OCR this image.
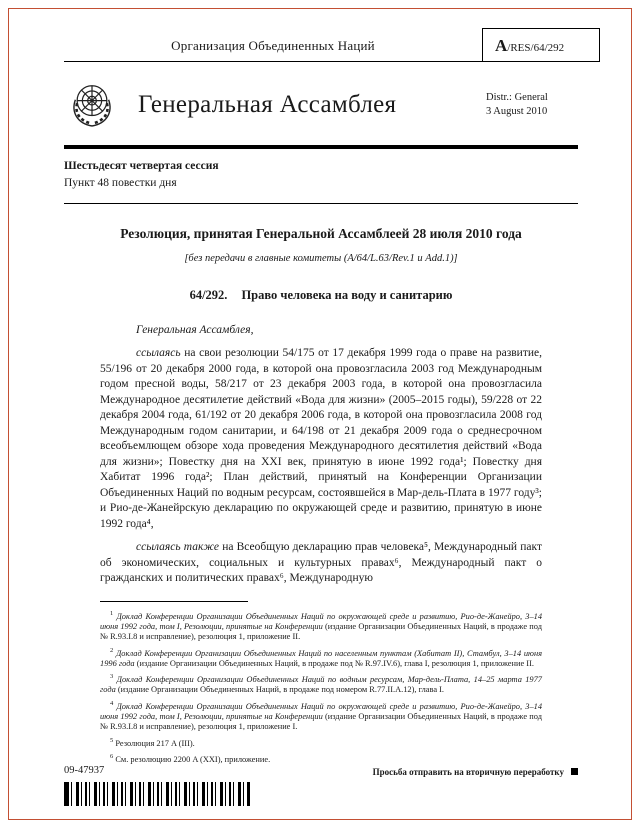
Организация Объединенных Наций	A/RES/64/292
Генеральная Ассамблея	Distr.: General
3 August 2010
Шестьдесят четвертая сессия
Пункт 48 повестки дня
Резолюция, принятая Генеральной Ассамблеей 28 июля 2010 года
[без передачи в главные комитеты (A/64/L.63/Rev.1 и Add.1)]
64/292. Право человека на воду и санитарию

Генеральная Ассамблея,

ссылаясь на свои резолюции 54/175 от 17 декабря 1999 года о праве на развитие, 55/196 от 20 декабря 2000 года, в которой она провозгласила 2003 год Международным годом пресной воды, 58/217 от 23 декабря 2003 года, в которой она провозгласила Международное десятилетие действий «Вода для жизни» (2005–2015 годы), 59/228 от 22 декабря 2004 года, 61/192 от 20 декабря 2006 года, в которой она провозгласила 2008 год Международным годом санитарии, и 64/198 от 21 декабря 2009 года о среднесрочном всеобъемлющем обзоре хода проведения Международного десятилетия действий «Вода для жизни»; Повестку дня на XXI век, принятую в июне 1992 года¹; Повестку дня Хабитат 1996 года²; План действий, принятый на Конференции Организации Объединенных Наций по водным ресурсам, состоявшейся в Мар-дель-Плата в 1977 году³; и Рио-де-Жанейрскую декларацию по окружающей среде и развитию, принятую в июне 1992 года⁴,

ссылаясь также на Всеобщую декларацию прав человека⁵, Международный пакт об экономических, социальных и культурных правах⁶, Международный пакт о гражданских и политических правах⁶, Международную

$^1$ Доклад Конференции Организации Объединенных Наций по окружающей среде и развитию, Рио-де-Жанейро, 3–14 июня 1992 года, том I, Резолюции, принятые на Конференции (издание Организации Объединенных Наций, в продаже под № R.93.I.8 и исправление), резолюция 1, приложение II.

$^2$ Доклад Конференции Организации Объединенных Наций по населенным пунктам (Хабитат II), Стамбул, 3–14 июня 1996 года (издание Организации Объединенных Наций, в продаже под № R.97.IV.6), глава I, резолюция 1, приложение II.

$^3$ Доклад Конференции Организации Объединенных Наций по водным ресурсам, Мар-дель-Плата, 14–25 марта 1977 года (издание Организации Объединенных Наций, в продаже под номером R.77.II.A.12), глава I.

$^4$ Доклад Конференции Организации Объединенных Наций по окружающей среде и развитию, Рио-де-Жанейро, 3–14 июня 1992 года, том I, Резолюции, принятые на Конференции (издание Организации Объединенных Наций, в продаже под № R.93.I.8 и исправление), резолюция 1, приложение I.

$^5$ Резолюция 217 A (III).

$^6$ См. резолюцию 2200 A (XXI), приложение.

09-47937	Просьба отправить на вторичную переработку
